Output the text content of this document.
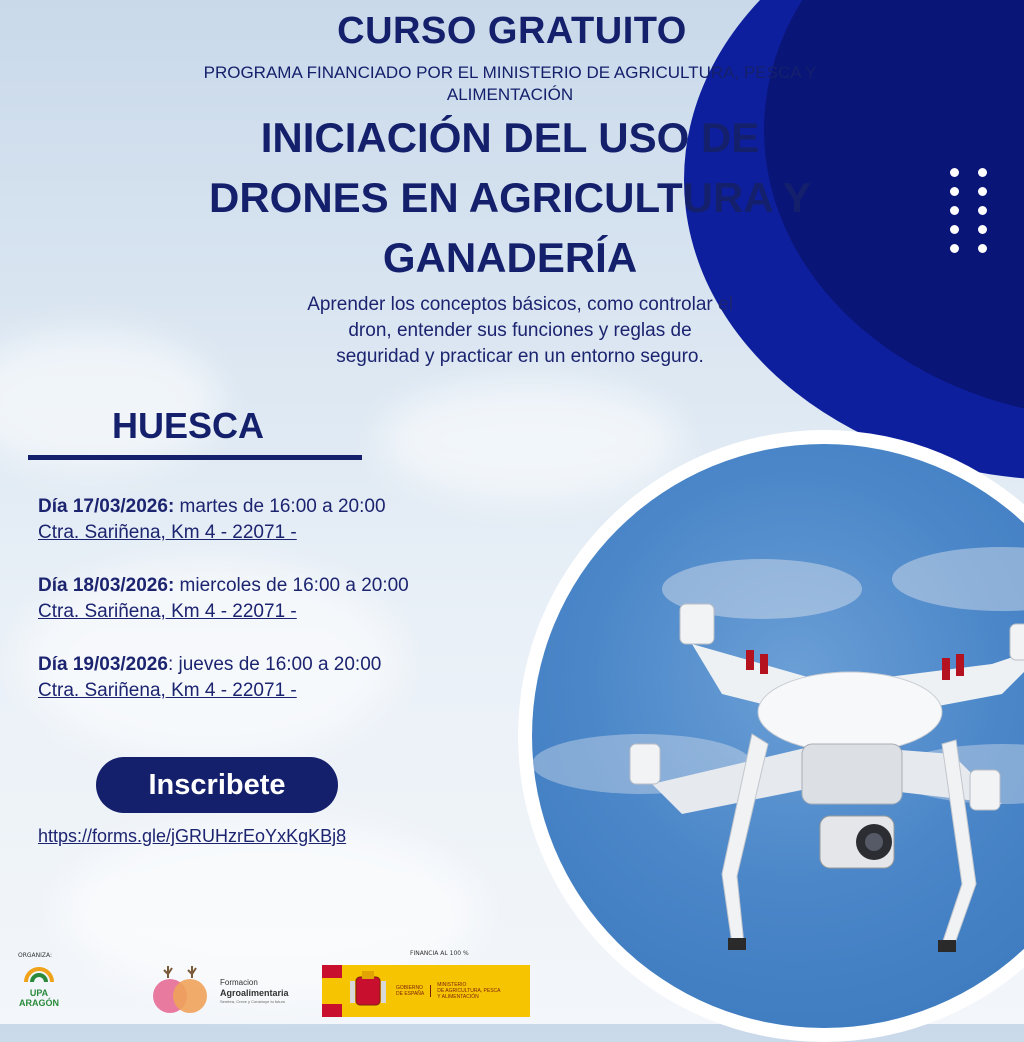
CURSO GRATUITO
PROGRAMA FINANCIADO POR EL MINISTERIO DE AGRICULTURA, PESCA Y ALIMENTACIÓN
INICIACIÓN DEL USO DE
DRONES EN AGRICULTURA Y
GANADERÍA
Aprender los conceptos básicos, como controlar el
dron, entender sus funciones y reglas de
seguridad y practicar en un entorno seguro.
HUESCA
Día 17/03/2026: martes de 16:00 a 20:00
Ctra. Sariñena, Km 4 - 22071 -
Día 18/03/2026: miercoles de 16:00 a 20:00
Ctra. Sariñena, Km 4 - 22071 -
Día 19/03/2026: jueves de 16:00 a 20:00
Ctra. Sariñena, Km 4 - 22071 -
Inscribete
https://forms.gle/jGRUHzrEoYxKgKBj8
ORGANIZA:
UPA
ARAGÓN
Formacion
Agroalimentaria
Sembra, Crece y Construye tu futuro
FINANCIA AL 100 %
GOBIERNO
DE ESPAÑA
MINISTERIO
DE AGRICULTURA, PESCA
Y ALIMENTACIÓN
